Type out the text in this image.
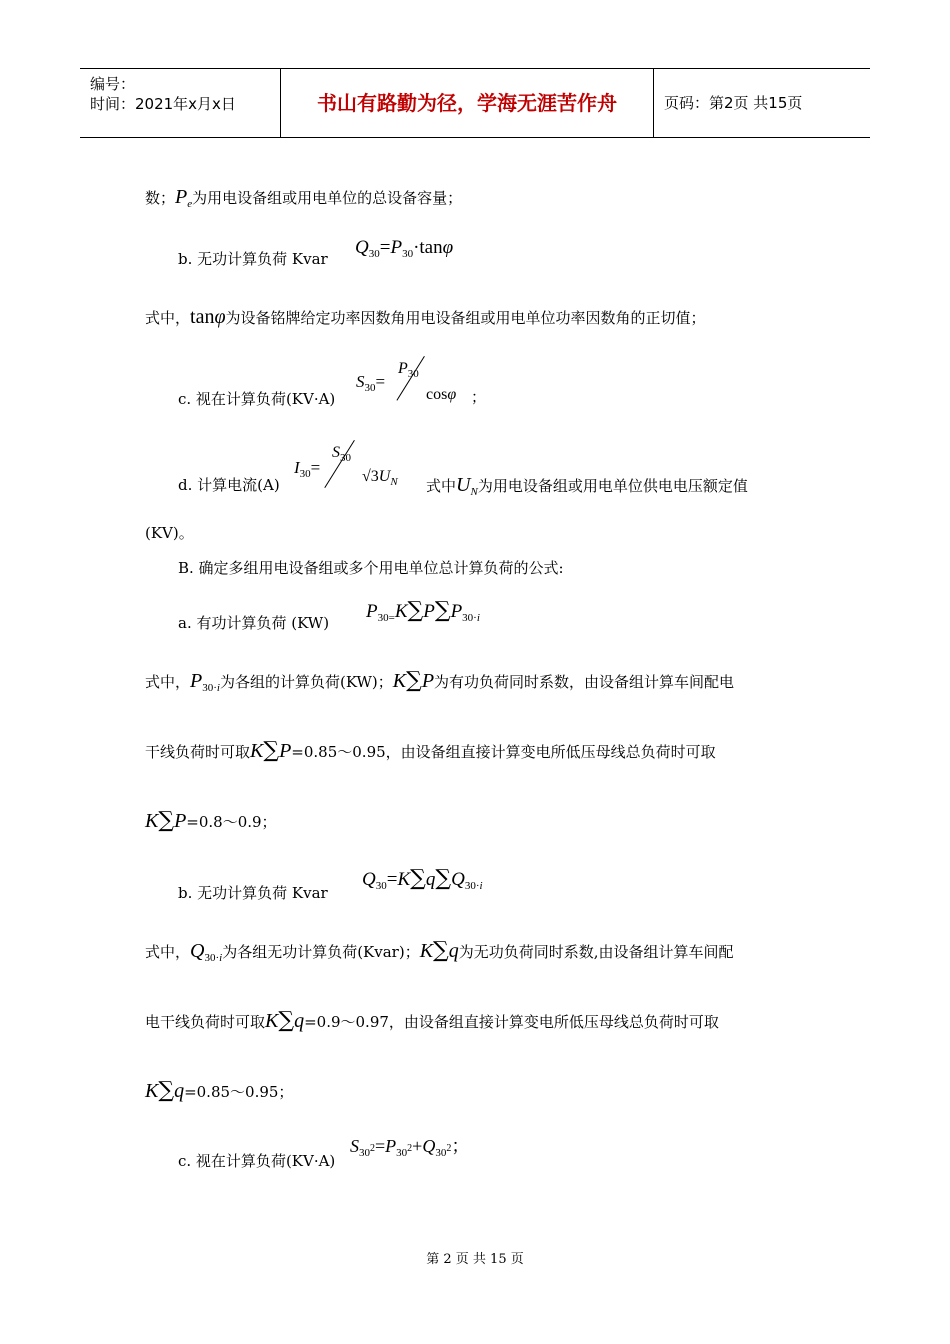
编号：
时间：2021年x月x日	书山有路勤为径，学海无涯苦作舟	页码：第2页 共15页
数；$P_e$为用电设备组或用电单位的总设备容量；
b. 无功计算负荷 Kvar
$Q_{30}=P_{30}\cdot\tan\varphi$
式中，tanφ为设备铭牌给定功率因数角用电设备组或用电单位功率因数角的正切值；
c. 视在计算负荷(KV·A)
$S_{30}=$
$P_{30}$
cosφ ；
d. 计算电流(A)
$I_{30}=$
$S_{30}$
$√3U_N$ 式中$U_N$为用电设备组或用电单位供电电压额定值
(KV)。
B. 确定多组用电设备组或多个用电单位总计算负荷的公式:
a. 有功计算负荷 (KW)
$P_{30=}K\sum P\sum P_{30\cdot i}$
式中，$P_{30\cdot i}$为各组的计算负荷(KW)；K∑P为有功负荷同时系数，由设备组计算车间配电
干线负荷时可取K∑P=0.85～0.95，由设备组直接计算变电所低压母线总负荷时可取
K∑P=0.8～0.9；
b. 无功计算负荷 Kvar
$Q_{30}=K\sum q\sum Q_{30\cdot i}$
式中，$Q_{30\cdot i}$为各组无功计算负荷(Kvar)；K∑q为无功负荷同时系数,由设备组计算车间配
电干线负荷时可取K∑q=0.9～0.97，由设备组直接计算变电所低压母线总负荷时可取
K∑q=0.85～0.95；
c. 视在计算负荷(KV·A)
$S_{302}=P_{302}+Q_{302}$；
第 2 页 共 15 页
